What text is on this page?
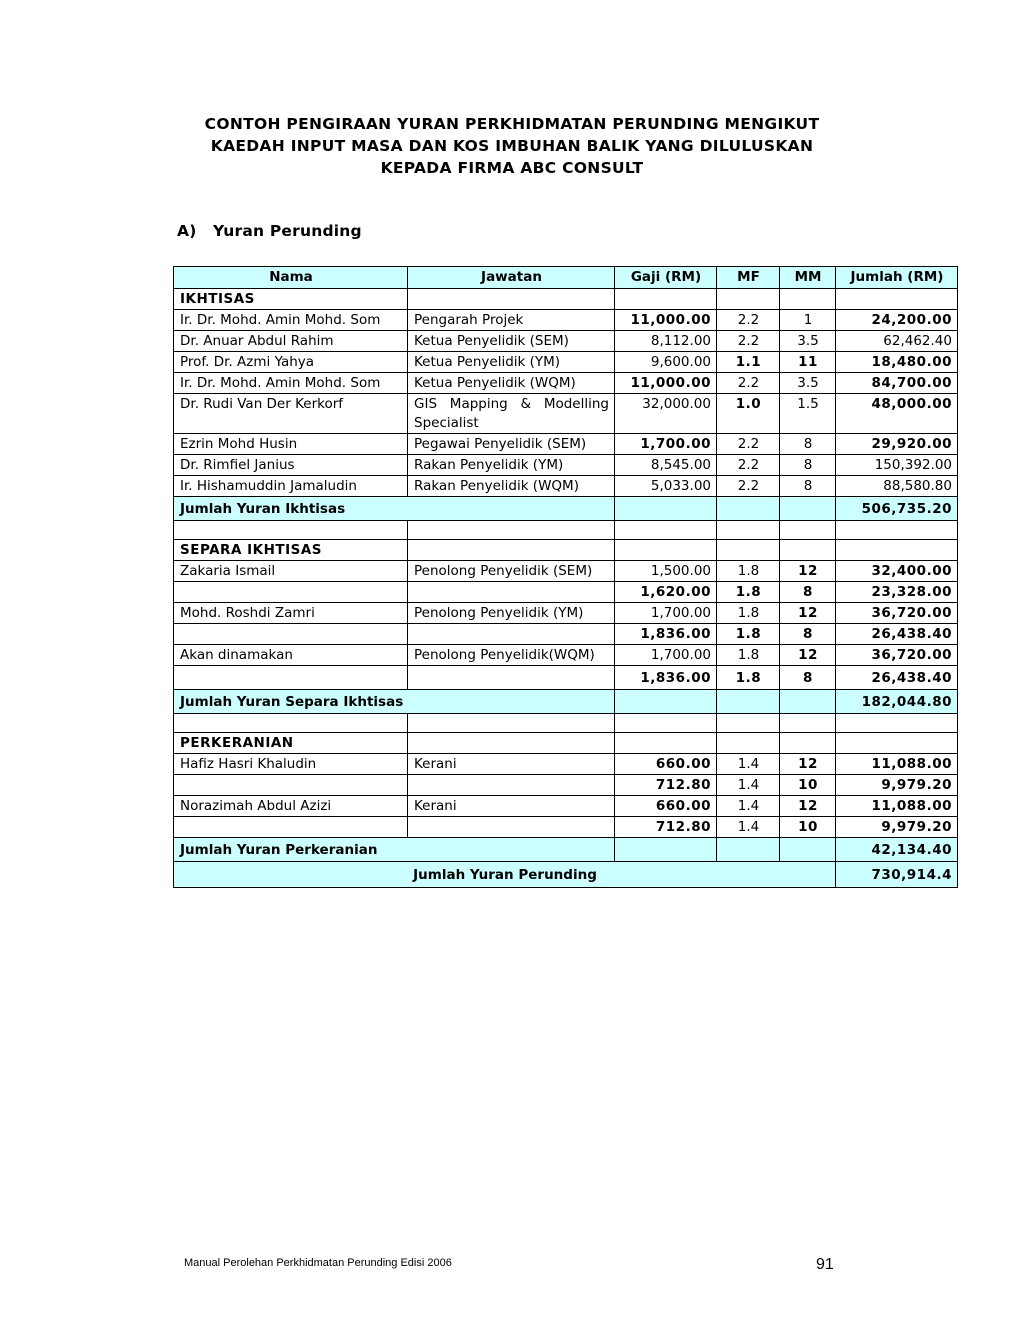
CONTOH PENGIRAAN YURAN PERKHIDMATAN PERUNDING MENGIKUT
KAEDAH INPUT MASA DAN KOS IMBUHAN BALIK YANG DILULUSKAN
KEPADA FIRMA ABC CONSULT
A) Yuran Perunding
Nama	Jawatan	Gaji (RM)	MF	MM	Jumlah (RM)
IKHTISAS					
Ir. Dr. Mohd. Amin Mohd. Som	Pengarah Projek	11,000.00	2.2	1	24,200.00
Dr. Anuar Abdul Rahim	Ketua Penyelidik (SEM)	8,112.00	2.2	3.5	62,462.40
Prof. Dr. Azmi Yahya	Ketua Penyelidik (YM)	9,600.00	1.1	11	18,480.00
Ir. Dr. Mohd. Amin Mohd. Som	Ketua Penyelidik (WQM)	11,000.00	2.2	3.5	84,700.00
Dr. Rudi Van Der Kerkorf	GIS Mapping & Modelling Specialist	32,000.00	1.0	1.5	48,000.00
Ezrin Mohd Husin	Pegawai Penyelidik (SEM)	1,700.00	2.2	8	29,920.00
Dr. Rimfiel Janius	Rakan Penyelidik (YM)	8,545.00	2.2	8	150,392.00
Ir. Hishamuddin Jamaludin	Rakan Penyelidik (WQM)	5,033.00	2.2	8	88,580.80
Jumlah Yuran Ikhtisas					506,735.20

SEPARA IKHTISAS					
Zakaria Ismail	Penolong Penyelidik (SEM)	1,500.00	1.8	12	32,400.00
		1,620.00	1.8	8	23,328.00
Mohd. Roshdi Zamri	Penolong Penyelidik (YM)	1,700.00	1.8	12	36,720.00
		1,836.00	1.8	8	26,438.40
Akan dinamakan	Penolong Penyelidik(WQM)	1,700.00	1.8	12	36,720.00
		1,836.00	1.8	8	26,438.40
Jumlah Yuran Separa Ikhtisas					182,044.80

PERKERANIAN					
Hafiz Hasri Khaludin	Kerani	660.00	1.4	12	11,088.00
		712.80	1.4	10	9,979.20
Norazimah Abdul Azizi	Kerani	660.00	1.4	12	11,088.00
		712.80	1.4	10	9,979.20
Jumlah Yuran Perkeranian					42,134.40
Jumlah Yuran Perunding					730,914.4
Manual Perolehan Perkhidmatan Perunding Edisi 2006	91
